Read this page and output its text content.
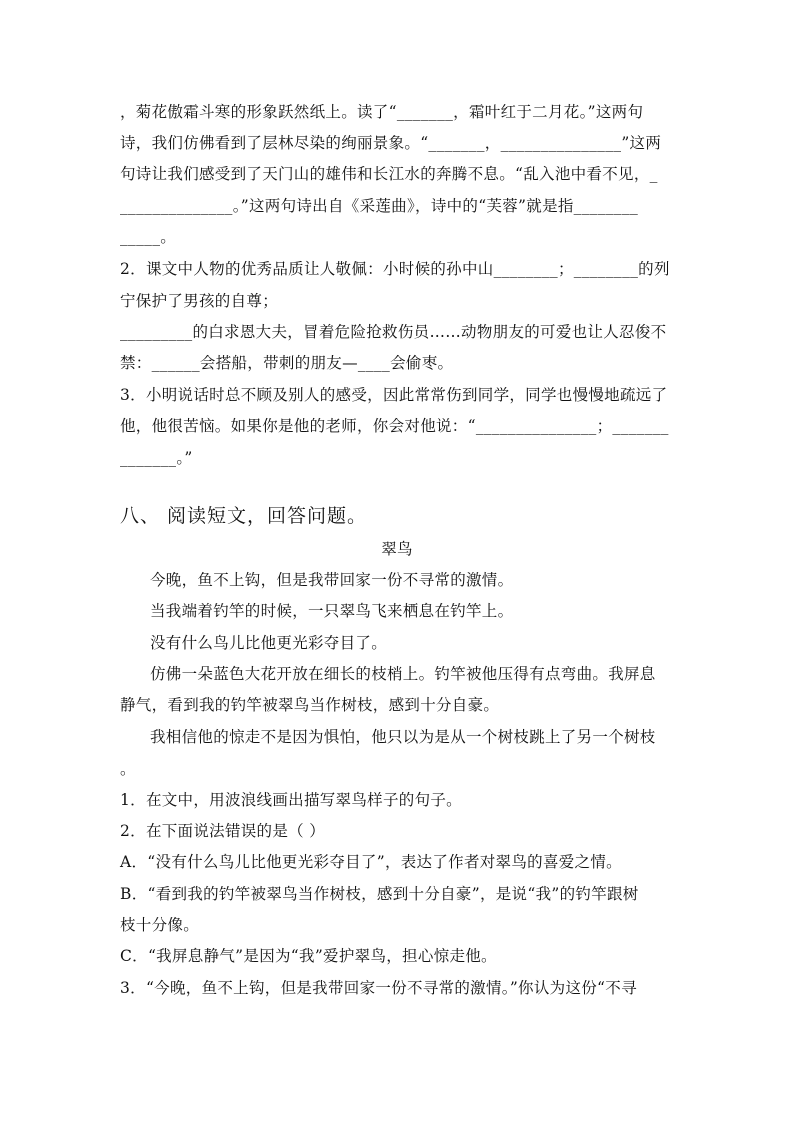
，菊花傲霜斗寒的形象跃然纸上。读了“_______，霜叶红于二月花。”这两句
诗，我们仿佛看到了层林尽染的绚丽景象。“_______，_______________”这两
句诗让我们感受到了天门山的雄伟和长江水的奔腾不息。“乱入池中看不见，_
______________。”这两句诗出自《采莲曲》，诗中的“芙蓉”就是指________
_____。
2．课文中人物的优秀品质让人敬佩：小时候的孙中山________；________的列
宁保护了男孩的自尊；
_________的白求恩大夫，冒着危险抢救伤员……动物朋友的可爱也让人忍俊不
禁：______会搭船，带刺的朋友—____会偷枣。
3．小明说话时总不顾及别人的感受，因此常常伤到同学，同学也慢慢地疏远了
他，他很苦恼。如果你是他的老师，你会对他说：“_______________；_______
_______。”
八、 阅读短文，回答问题。
翠鸟
今晚，鱼不上钩，但是我带回家一份不寻常的激情。
当我端着钓竿的时候，一只翠鸟飞来栖息在钓竿上。
没有什么鸟儿比他更光彩夺目了。
仿佛一朵蓝色大花开放在细长的枝梢上。钓竿被他压得有点弯曲。我屏息
静气，看到我的钓竿被翠鸟当作树枝，感到十分自豪。
我相信他的惊走不是因为惧怕，他只以为是从一个树枝跳上了另一个树枝
。
1．在文中，用波浪线画出描写翠鸟样子的句子。
2．在下面说法错误的是（ ）
A．“没有什么鸟儿比他更光彩夺目了”，表达了作者对翠鸟的喜爱之情。
B．“看到我的钓竿被翠鸟当作树枝，感到十分自豪”，是说“我”的钓竿跟树
枝十分像。
C．“我屏息静气”是因为“我”爱护翠鸟，担心惊走他。
3．“今晚，鱼不上钩，但是我带回家一份不寻常的激情。”你认为这份“不寻
